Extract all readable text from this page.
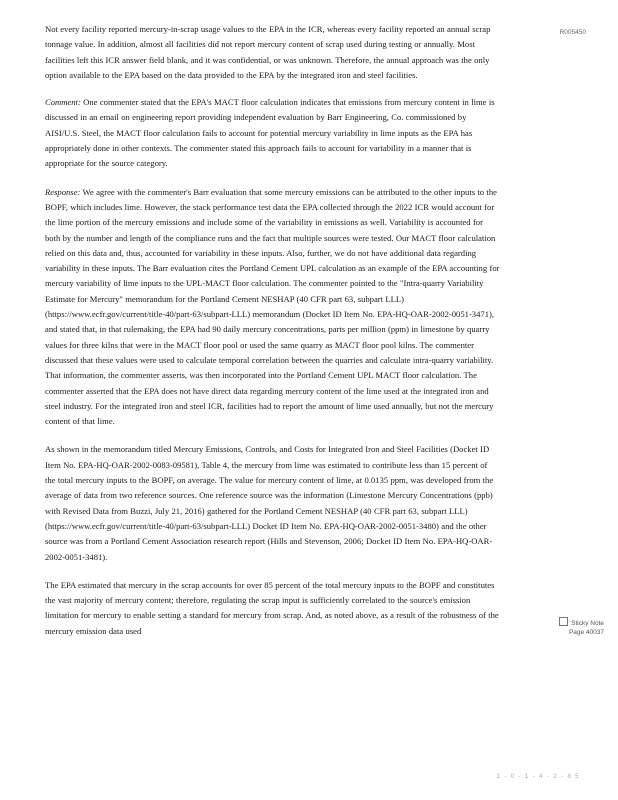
R005450

Not every facility reported mercury-in-scrap usage values to the EPA in the ICR, whereas every facility reported an annual scrap tonnage value. In addition, almost all facilities did not report mercury content of scrap used during testing or annually. Most facilities left this ICR answer field blank, and it was confidential, or was unknown. Therefore, the annual approach was the only option available to the EPA based on the data provided to the EPA by the integrated iron and steel facilities.

Comment: One commenter stated that the EPA's MACT floor calculation indicates that emissions from mercury content in lime is discussed in an email on engineering report providing independent evaluation by Barr Engineering, Co. commissioned by AISI/U.S. Steel, the MACT floor calculation fails to account for potential mercury variability in lime inputs as the EPA has appropriately done in other contexts. The commenter stated this approach fails to account for variability in a manner that is appropriate for the source category.

Response: We agree with the commenter's Barr evaluation that some mercury emissions can be attributed to the other inputs to the BOPF, which includes lime. However, the stack performance test data the EPA collected through the 2022 ICR would account for the lime portion of the mercury emissions and include some of the variability in emissions as well. Variability is accounted for both by the number and length of the compliance runs and the fact that multiple sources were tested. Our MACT floor calculation relied on this data and, thus, accounted for variability in these inputs. Also, further, we do not have additional data regarding variability in these inputs. The Barr evaluation cites the Portland Cement UPL calculation as an example of the EPA accounting for mercury variability of lime inputs to the UPL-MACT floor calculation. The commenter pointed to the "Intra-quarry Variability Estimate for Mercury" memorandum for the Portland Cement NESHAP (40 CFR part 63, subpart LLL) (https://www.ecfr.gov/current/title-40/part-63/subpart-LLL) memorandum (Docket ID Item No. EPA-HQ-OAR-2002-0051-3471), and stated that, in that rulemaking, the EPA had 90 daily mercury concentrations, parts per million (ppm) in limestone by quarry values for three kilns that were in the MACT floor pool or used the same quarry as MACT floor pool kilns. The commenter discussed that these values were used to calculate temporal correlation between the quarries and calculate intra-quarry variability. That information, the commenter asserts, was then incorporated into the Portland Cement UPL MACT floor calculation. The commenter asserted that the EPA does not have direct data regarding mercury content of the lime used at the integrated iron and steel industry. For the integrated iron and steel ICR, facilities had to report the amount of lime used annually, but not the mercury content of that lime.

As shown in the memorandum titled Mercury Emissions, Controls, and Costs for Integrated Iron and Steel Facilities (Docket ID Item No. EPA-HQ-OAR-2002-0083-09581), Table 4, the mercury from lime was estimated to contribute less than 15 percent of the total mercury inputs to the BOPF, on average. The value for mercury content of lime, at 0.0135 ppm, was developed from the average of data from two reference sources. One reference source was the information (Limestone Mercury Concentrations (ppb) with Revised Data from Buzzi, July 21, 2016) gathered for the Portland Cement NESHAP (40 CFR part 63, subpart LLL) (https://www.ecfr.gov/current/title-40/part-63/subpart-LLL) Docket ID Item No. EPA-HQ-OAR-2002-0051-3480) and the other source was from a Portland Cement Association research report (Hills and Stevenson, 2006; Docket ID Item No. EPA-HQ-OAR-2002-0051-3481).

The EPA estimated that mercury in the scrap accounts for over 85 percent of the total mercury inputs to the BOPF and constitutes the vast majority of mercury content; therefore, regulating the scrap input is sufficiently correlated to the source's emission limitation for mercury to enable setting a standard for mercury from scrap. And, as noted above, as a result of the robustness of the mercury emission data used

Sticky Note
Page 40037
1 - 0 - 1 - 4 - 2 - 8 5
